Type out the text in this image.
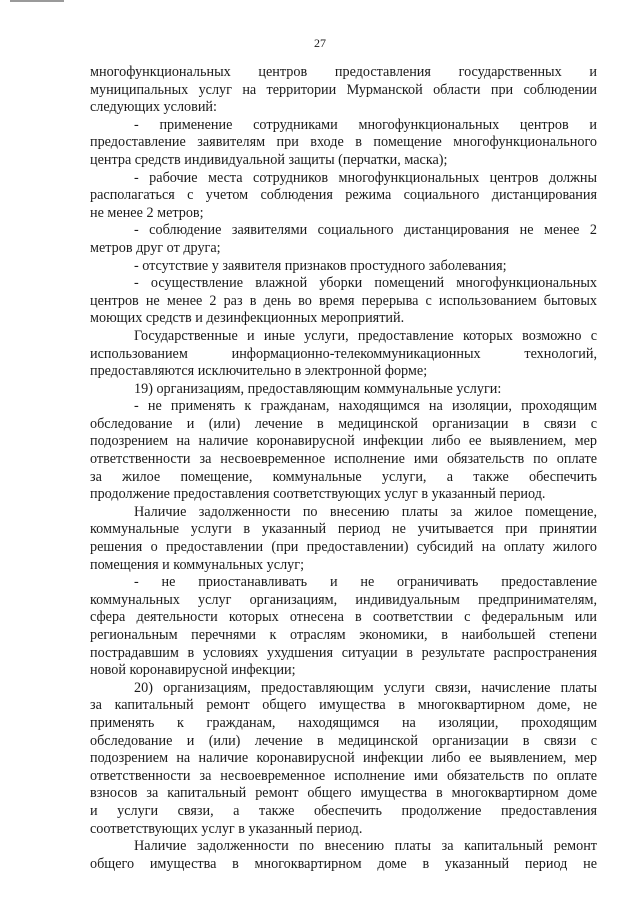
27

многофункциональных центров предоставления государственных и

муниципальных услуг на территории Мурманской области при соблюдении

следующих условий:

- применение сотрудниками многофункциональных центров и

предоставление заявителям при входе в помещение многофункционального

центра средств индивидуальной защиты (перчатки, маска);

- рабочие места сотрудников многофункциональных центров должны

располагаться с учетом соблюдения режима социального дистанцирования

не менее 2 метров;

- соблюдение заявителями социального дистанцирования не менее 2

метров друг от друга;

- отсутствие у заявителя признаков простудного заболевания;

- осуществление влажной уборки помещений многофункциональных

центров не менее 2 раз в день во время перерыва с использованием бытовых

моющих средств и дезинфекционных мероприятий.

Государственные и иные услуги, предоставление которых возможно с

использованием информационно-телекоммуникационных технологий,

предоставляются исключительно в электронной форме;

19) организациям, предоставляющим коммунальные услуги:

- не применять к гражданам, находящимся на изоляции, проходящим

обследование и (или) лечение в медицинской организации в связи с

подозрением на наличие коронавирусной инфекции либо ее выявлением, мер

ответственности за несвоевременное исполнение ими обязательств по оплате

за жилое помещение, коммунальные услуги, а также обеспечить

продолжение предоставления соответствующих услуг в указанный период.

Наличие задолженности по внесению платы за жилое помещение,

коммунальные услуги в указанный период не учитывается при принятии

решения о предоставлении (при предоставлении) субсидий на оплату жилого

помещения и коммунальных услуг;

- не приостанавливать и не ограничивать предоставление

коммунальных услуг организациям, индивидуальным предпринимателям,

сфера деятельности которых отнесена в соответствии с федеральным или

региональным перечнями к отраслям экономики, в наибольшей степени

пострадавшим в условиях ухудшения ситуации в результате распространения

новой коронавирусной инфекции;

20) организациям, предоставляющим услуги связи, начисление платы

за капитальный ремонт общего имущества в многоквартирном доме, не

применять к гражданам, находящимся на изоляции, проходящим

обследование и (или) лечение в медицинской организации в связи с

подозрением на наличие коронавирусной инфекции либо ее выявлением, мер

ответственности за несвоевременное исполнение ими обязательств по оплате

взносов за капитальный ремонт общего имущества в многоквартирном доме

и услуги связи, а также обеспечить продолжение предоставления

соответствующих услуг в указанный период.

Наличие задолженности по внесению платы за капитальный ремонт

общего имущества в многоквартирном доме в указанный период не
